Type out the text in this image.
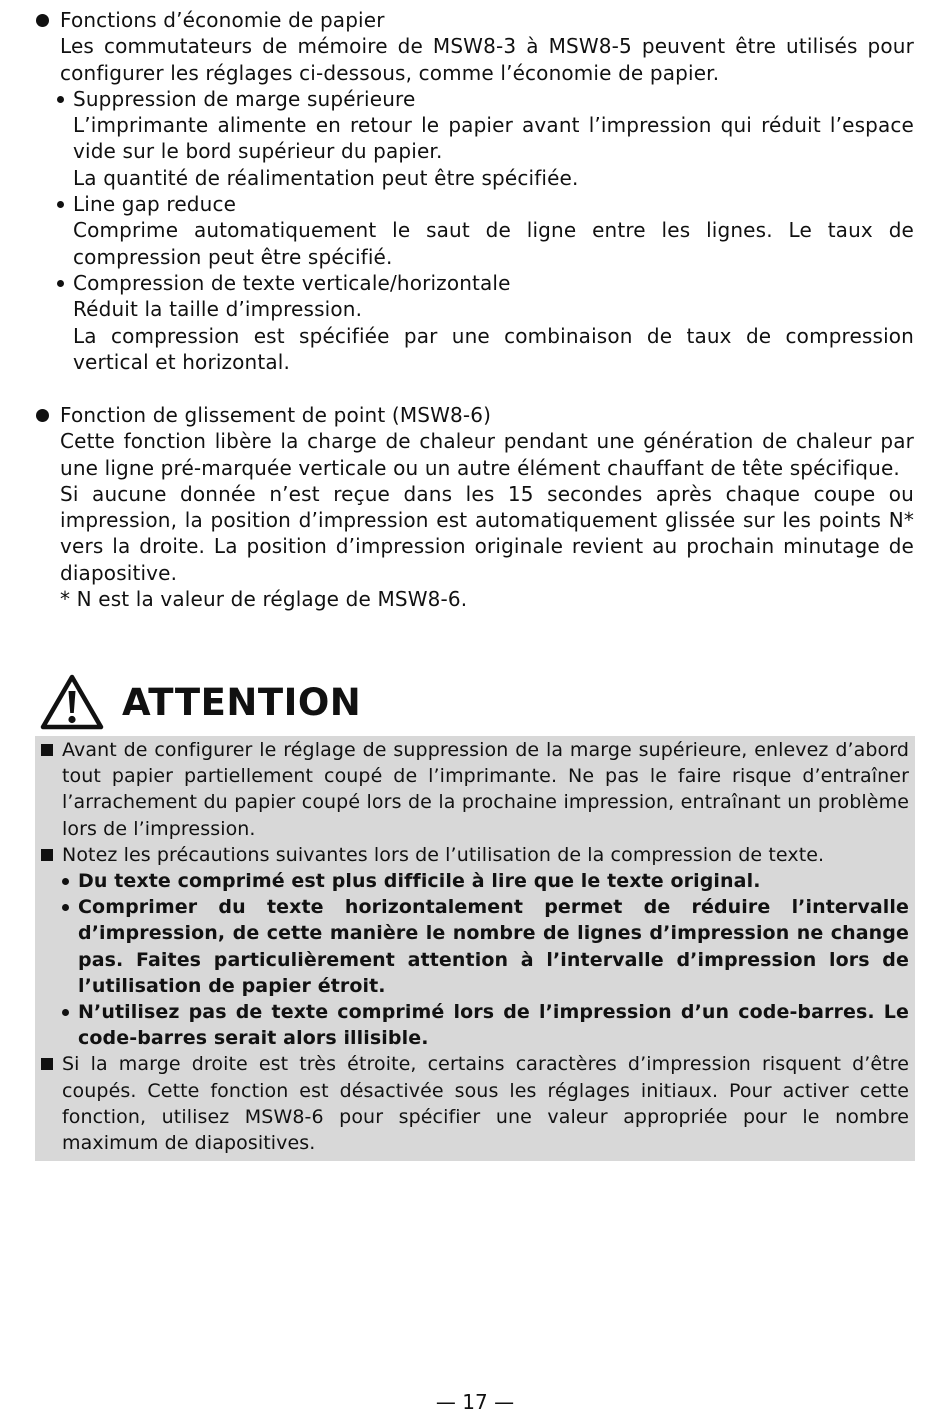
Fonctions d’économie de papier

Les commutateurs de mémoire de MSW8-3 à MSW8-5 peuvent être utilisés pour configurer les réglages ci-dessous, comme l’économie de papier.

Suppression de marge supérieure

L’imprimante alimente en retour le papier avant l’impression qui réduit l’espace vide sur le bord supérieur du papier.

La quantité de réalimentation peut être spécifiée.

Line gap reduce

Comprime automatiquement le saut de ligne entre les lignes. Le taux de compression peut être spécifié.

Compression de texte verticale/horizontale

Réduit la taille d’impression.

La compression est spécifiée par une combinaison de taux de compression vertical et horizontal.

Fonction de glissement de point (MSW8-6)

Cette fonction libère la charge de chaleur pendant une génération de chaleur par une ligne pré-marquée verticale ou un autre élément chauffant de tête spécifique.

Si aucune donnée n’est reçue dans les 15 secondes après chaque coupe ou impression, la position d’impression est automatiquement glissée sur les points N* vers la droite. La position d’impression originale revient au prochain minutage de diapositive.

* N est la valeur de réglage de MSW8-6.

ATTENTION

Avant de configurer le réglage de suppression de la marge supérieure, enlevez d’abord tout papier partiellement coupé de l’imprimante. Ne pas le faire risque d’entraîner l’arrachement du papier coupé lors de la prochaine impression, entraînant un problème lors de l’impression.

Notez les précautions suivantes lors de l’utilisation de la compression de texte.

Du texte comprimé est plus difficile à lire que le texte original.

Comprimer du texte horizontalement permet de réduire l’intervalle d’impression, de cette manière le nombre de lignes d’impression ne change pas. Faites particulièrement attention à l’intervalle d’impression lors de l’utilisation de papier étroit.

N’utilisez pas de texte comprimé lors de l’impression d’un code-barres. Le code-barres serait alors illisible.

Si la marge droite est très étroite, certains caractères d’impression risquent d’être coupés. Cette fonction est désactivée sous les réglages initiaux. Pour activer cette fonction, utilisez MSW8-6 pour spécifier une valeur appropriée pour le nombre maximum de diapositives.

— 17 —
